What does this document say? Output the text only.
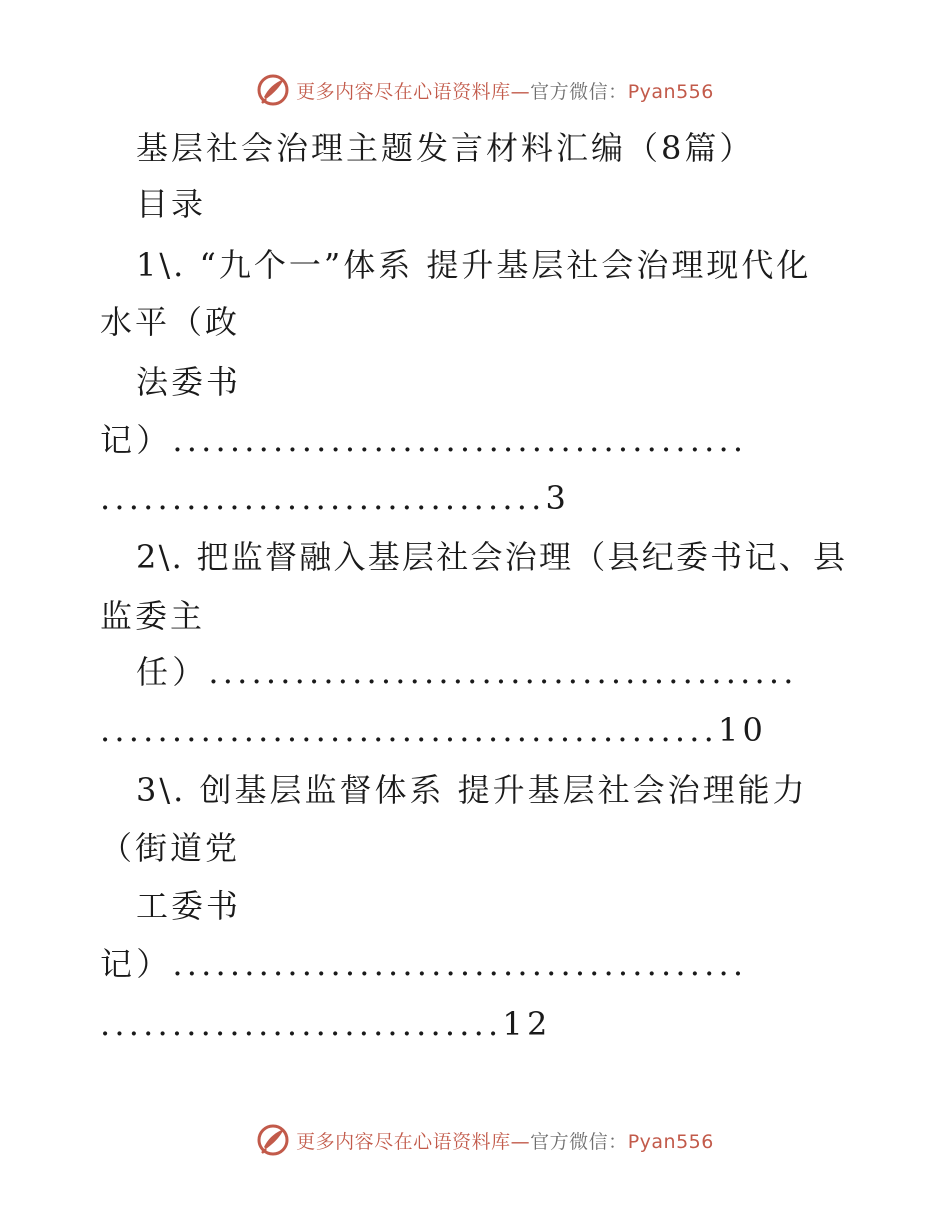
更多内容尽在心语资料库—官方微信：Pyan556
基层社会治理主题发言材料汇编（8篇）
目录
1\. “九个一”体系 提升基层社会治理现代化
水平（政
法委书
记）........................................
...............................3
2\. 把监督融入基层社会治理（县纪委书记、县
监委主
任）.........................................
...........................................10
3\. 创基层监督体系 提升基层社会治理能力
（街道党
工委书
记）........................................
............................12
更多内容尽在心语资料库—官方微信：Pyan556
